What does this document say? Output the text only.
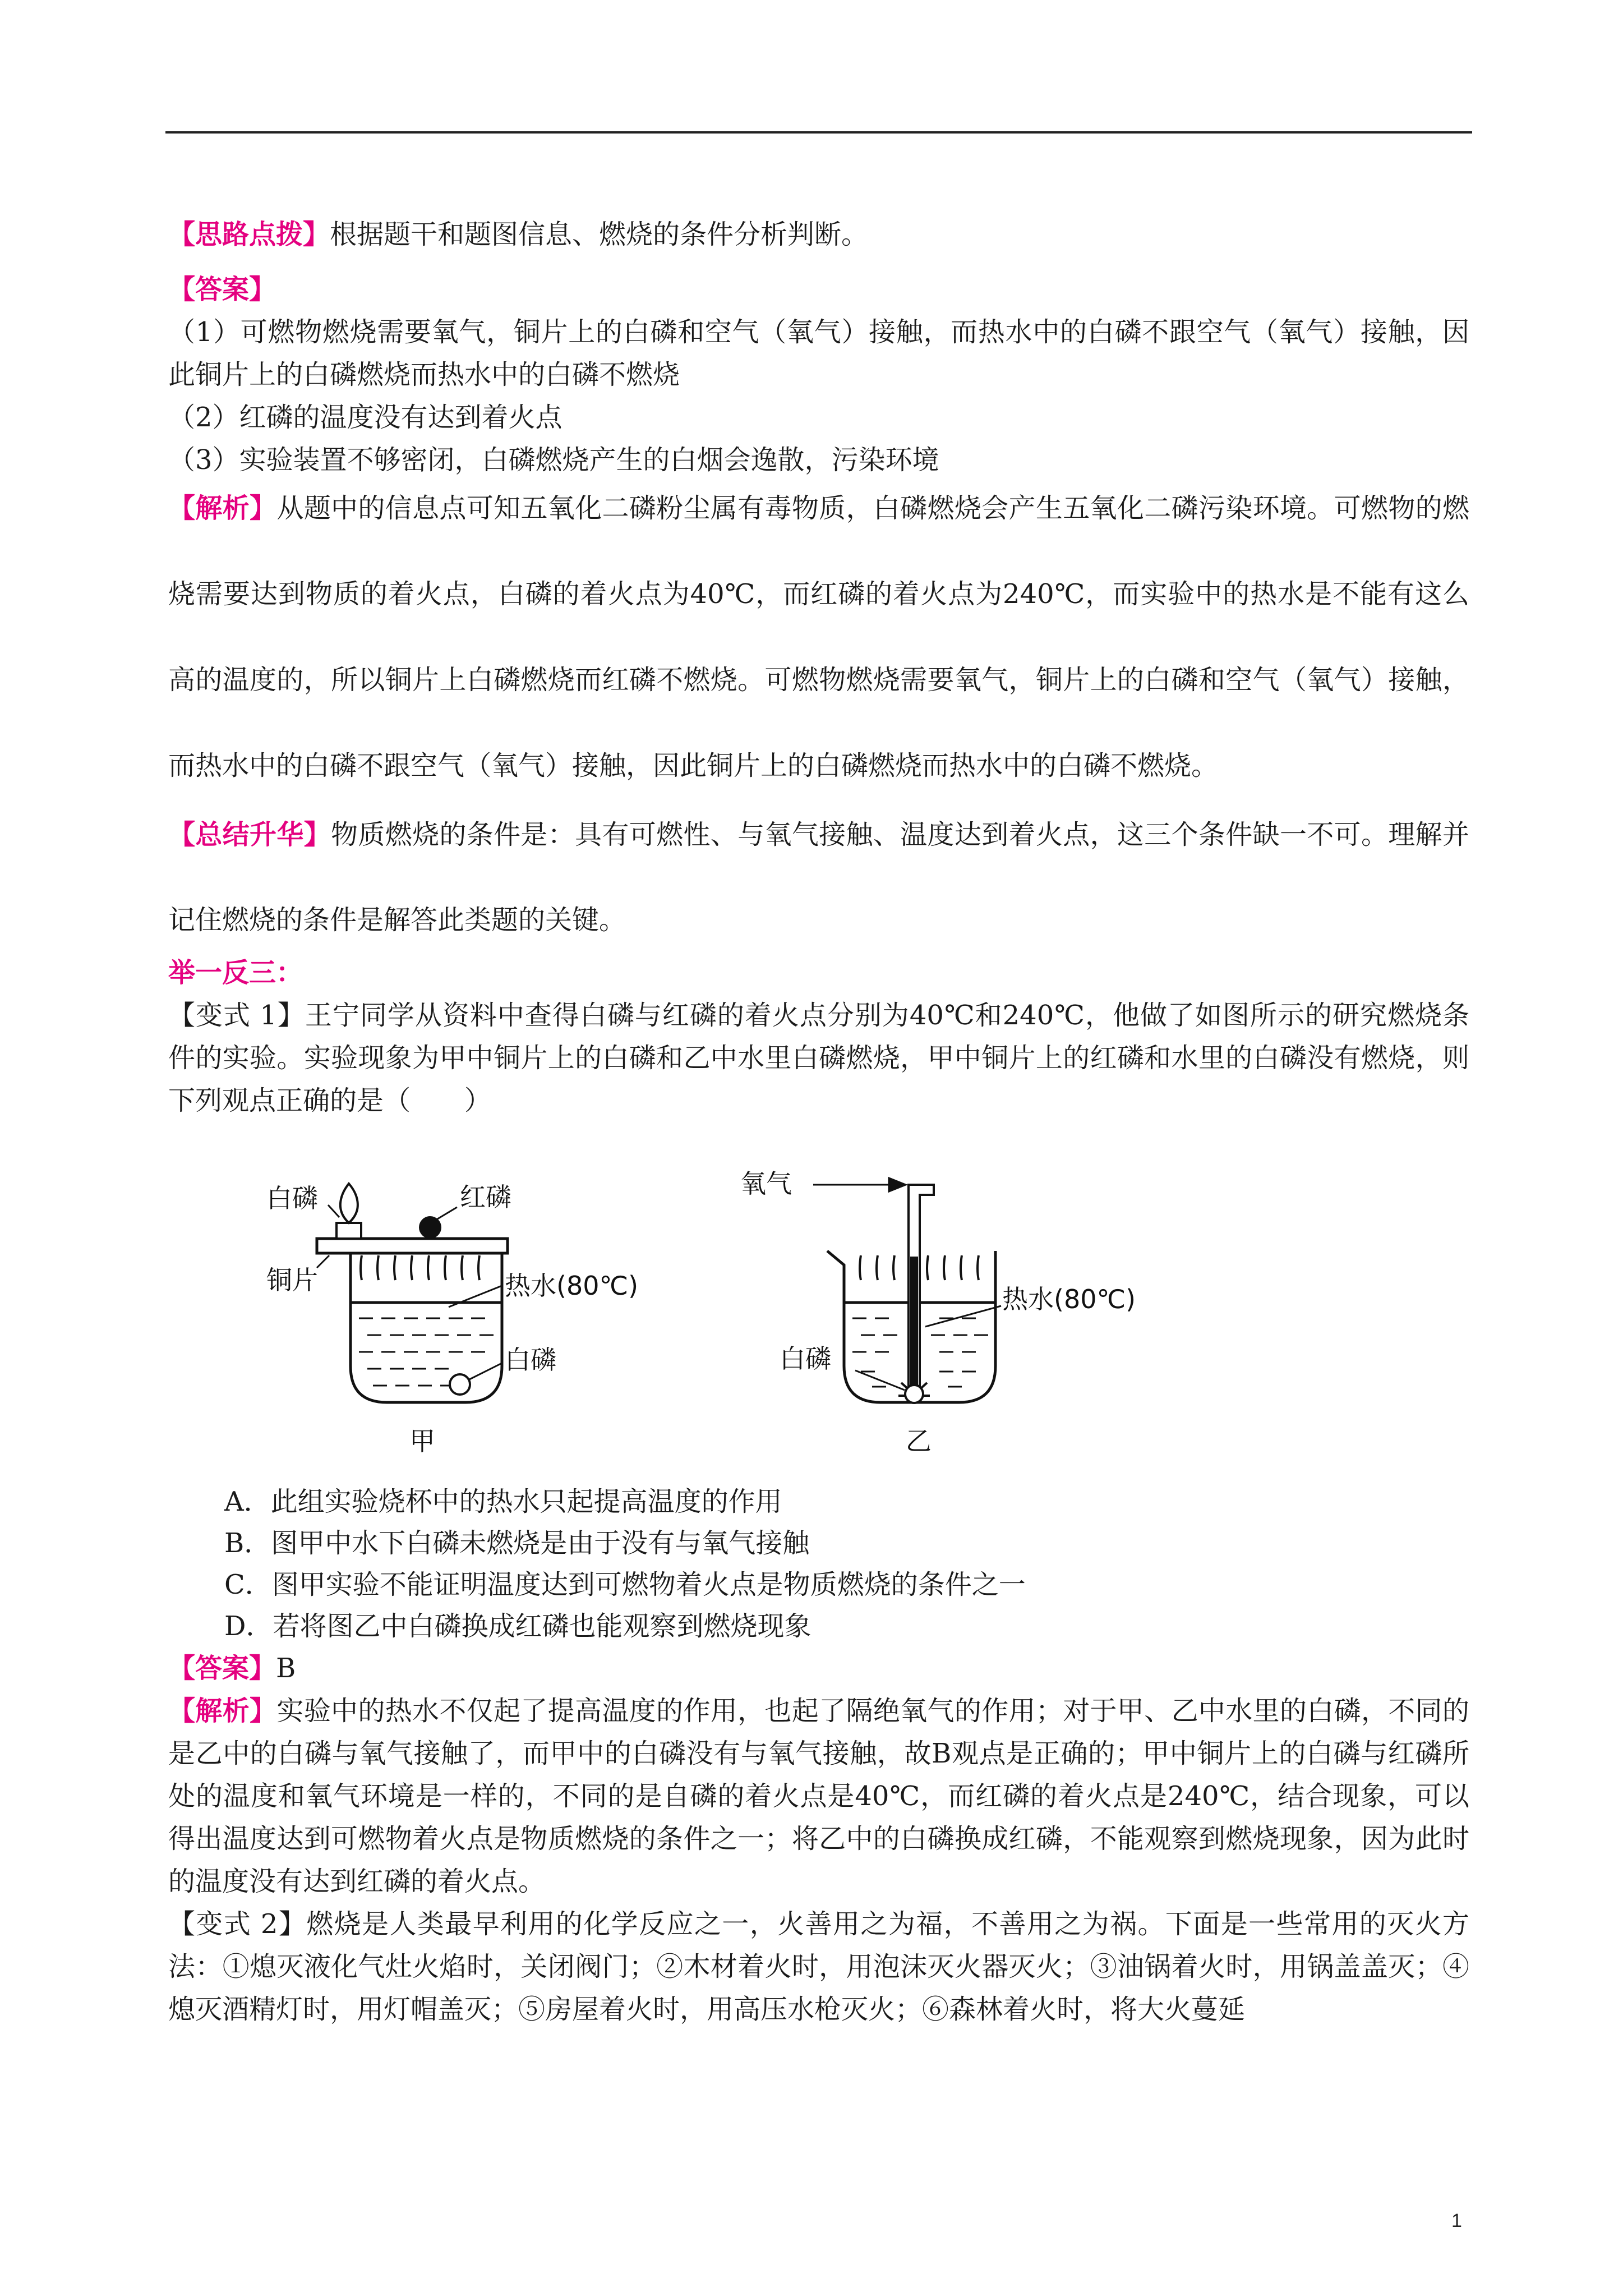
【思路点拨】根据题干和题图信息、燃烧的条件分析判断。

【答案】

（1）可燃物燃烧需要氧气，铜片上的白磷和空气（氧气）接触，而热水中的白磷不跟空气（氧气）接触，因此铜片上的白磷燃烧而热水中的白磷不燃烧

（2）红磷的温度没有达到着火点

（3）实验装置不够密闭，白磷燃烧产生的白烟会逸散，污染环境

【解析】从题中的信息点可知五氧化二磷粉尘属有毒物质，白磷燃烧会产生五氧化二磷污染环境。可燃物的燃烧需要达到物质的着火点，白磷的着火点为40℃，而红磷的着火点为240℃，而实验中的热水是不能有这么高的温度的，所以铜片上白磷燃烧而红磷不燃烧。可燃物燃烧需要氧气，铜片上的白磷和空气（氧气）接触，而热水中的白磷不跟空气（氧气）接触，因此铜片上的白磷燃烧而热水中的白磷不燃烧。

【总结升华】物质燃烧的条件是：具有可燃性、与氧气接触、温度达到着火点，这三个条件缺一不可。理解并记住燃烧的条件是解答此类题的关键。

举一反三：

【变式 1】王宁同学从资料中查得白磷与红磷的着火点分别为40℃和240℃，他做了如图所示的研究燃烧条件的实验。实验现象为甲中铜片上的白磷和乙中水里白磷燃烧，甲中铜片上的红磷和水里的白磷没有燃烧，则下列观点正确的是（　　）

白磷	红磷
铜片	热水(80℃)
白磷
甲
氧气
白磷
热水(80℃)
乙

A．此组实验烧杯中的热水只起提高温度的作用

B．图甲中水下白磷未燃烧是由于没有与氧气接触

C．图甲实验不能证明温度达到可燃物着火点是物质燃烧的条件之一

D．若将图乙中白磷换成红磷也能观察到燃烧现象

【答案】B

【解析】实验中的热水不仅起了提高温度的作用，也起了隔绝氧气的作用；对于甲、乙中水里的白磷，不同的是乙中的白磷与氧气接触了，而甲中的白磷没有与氧气接触，故B观点是正确的；甲中铜片上的白磷与红磷所处的温度和氧气环境是一样的，不同的是自磷的着火点是40℃，而红磷的着火点是240℃，结合现象，可以得出温度达到可燃物着火点是物质燃烧的条件之一；将乙中的白磷换成红磷，不能观察到燃烧现象，因为此时的温度没有达到红磷的着火点。

【变式 2】燃烧是人类最早利用的化学反应之一，火善用之为福，不善用之为祸。下面是一些常用的灭火方法：①熄灭液化气灶火焰时，关闭阀门；②木材着火时，用泡沫灭火器灭火；③油锅着火时，用锅盖盖灭；④熄灭酒精灯时，用灯帽盖灭；⑤房屋着火时，用高压水枪灭火；⑥森林着火时，将大火蔓延

1
